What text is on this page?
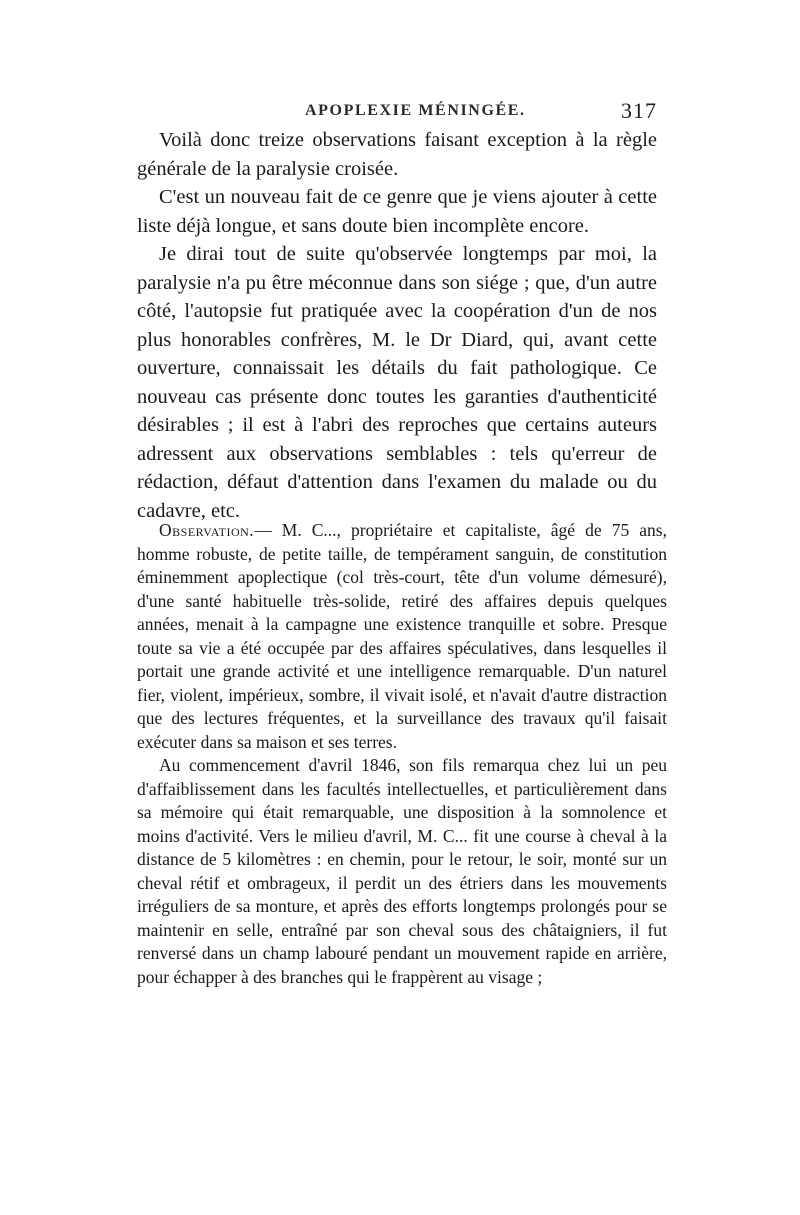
APOPLEXIE MÉNINGÉE.	317

Voilà donc treize observations faisant exception à la règle générale de la paralysie croisée.

C'est un nouveau fait de ce genre que je viens ajouter à cette liste déjà longue, et sans doute bien incomplète encore.

Je dirai tout de suite qu'observée longtemps par moi, la paralysie n'a pu être méconnue dans son siége ; que, d'un autre côté, l'autopsie fut pratiquée avec la coopération d'un de nos plus honorables confrères, M. le Dr Diard, qui, avant cette ouverture, connaissait les détails du fait pathologique. Ce nouveau cas présente donc toutes les garanties d'authenticité désirables ; il est à l'abri des reproches que certains auteurs adressent aux observations semblables : tels qu'erreur de rédaction, défaut d'attention dans l'examen du malade ou du cadavre, etc.

Observation.— M. C..., propriétaire et capitaliste, âgé de 75 ans, homme robuste, de petite taille, de tempérament sanguin, de constitution éminemment apoplectique (col très-court, tête d'un volume démesuré), d'une santé habituelle très-solide, retiré des affaires depuis quelques années, menait à la campagne une existence tranquille et sobre. Presque toute sa vie a été occupée par des affaires spéculatives, dans lesquelles il portait une grande activité et une intelligence remarquable. D'un naturel fier, violent, impérieux, sombre, il vivait isolé, et n'avait d'autre distraction que des lectures fréquentes, et la surveillance des travaux qu'il faisait exécuter dans sa maison et ses terres.

Au commencement d'avril 1846, son fils remarqua chez lui un peu d'affaiblissement dans les facultés intellectuelles, et particulièrement dans sa mémoire qui était remarquable, une disposition à la somnolence et moins d'activité. Vers le milieu d'avril, M. C... fit une course à cheval à la distance de 5 kilomètres : en chemin, pour le retour, le soir, monté sur un cheval rétif et ombrageux, il perdit un des étriers dans les mouvements irréguliers de sa monture, et après des efforts longtemps prolongés pour se maintenir en selle, entraîné par son cheval sous des châtaigniers, il fut renversé dans un champ labouré pendant un mouvement rapide en arrière, pour échapper à des branches qui le frappèrent au visage ;
